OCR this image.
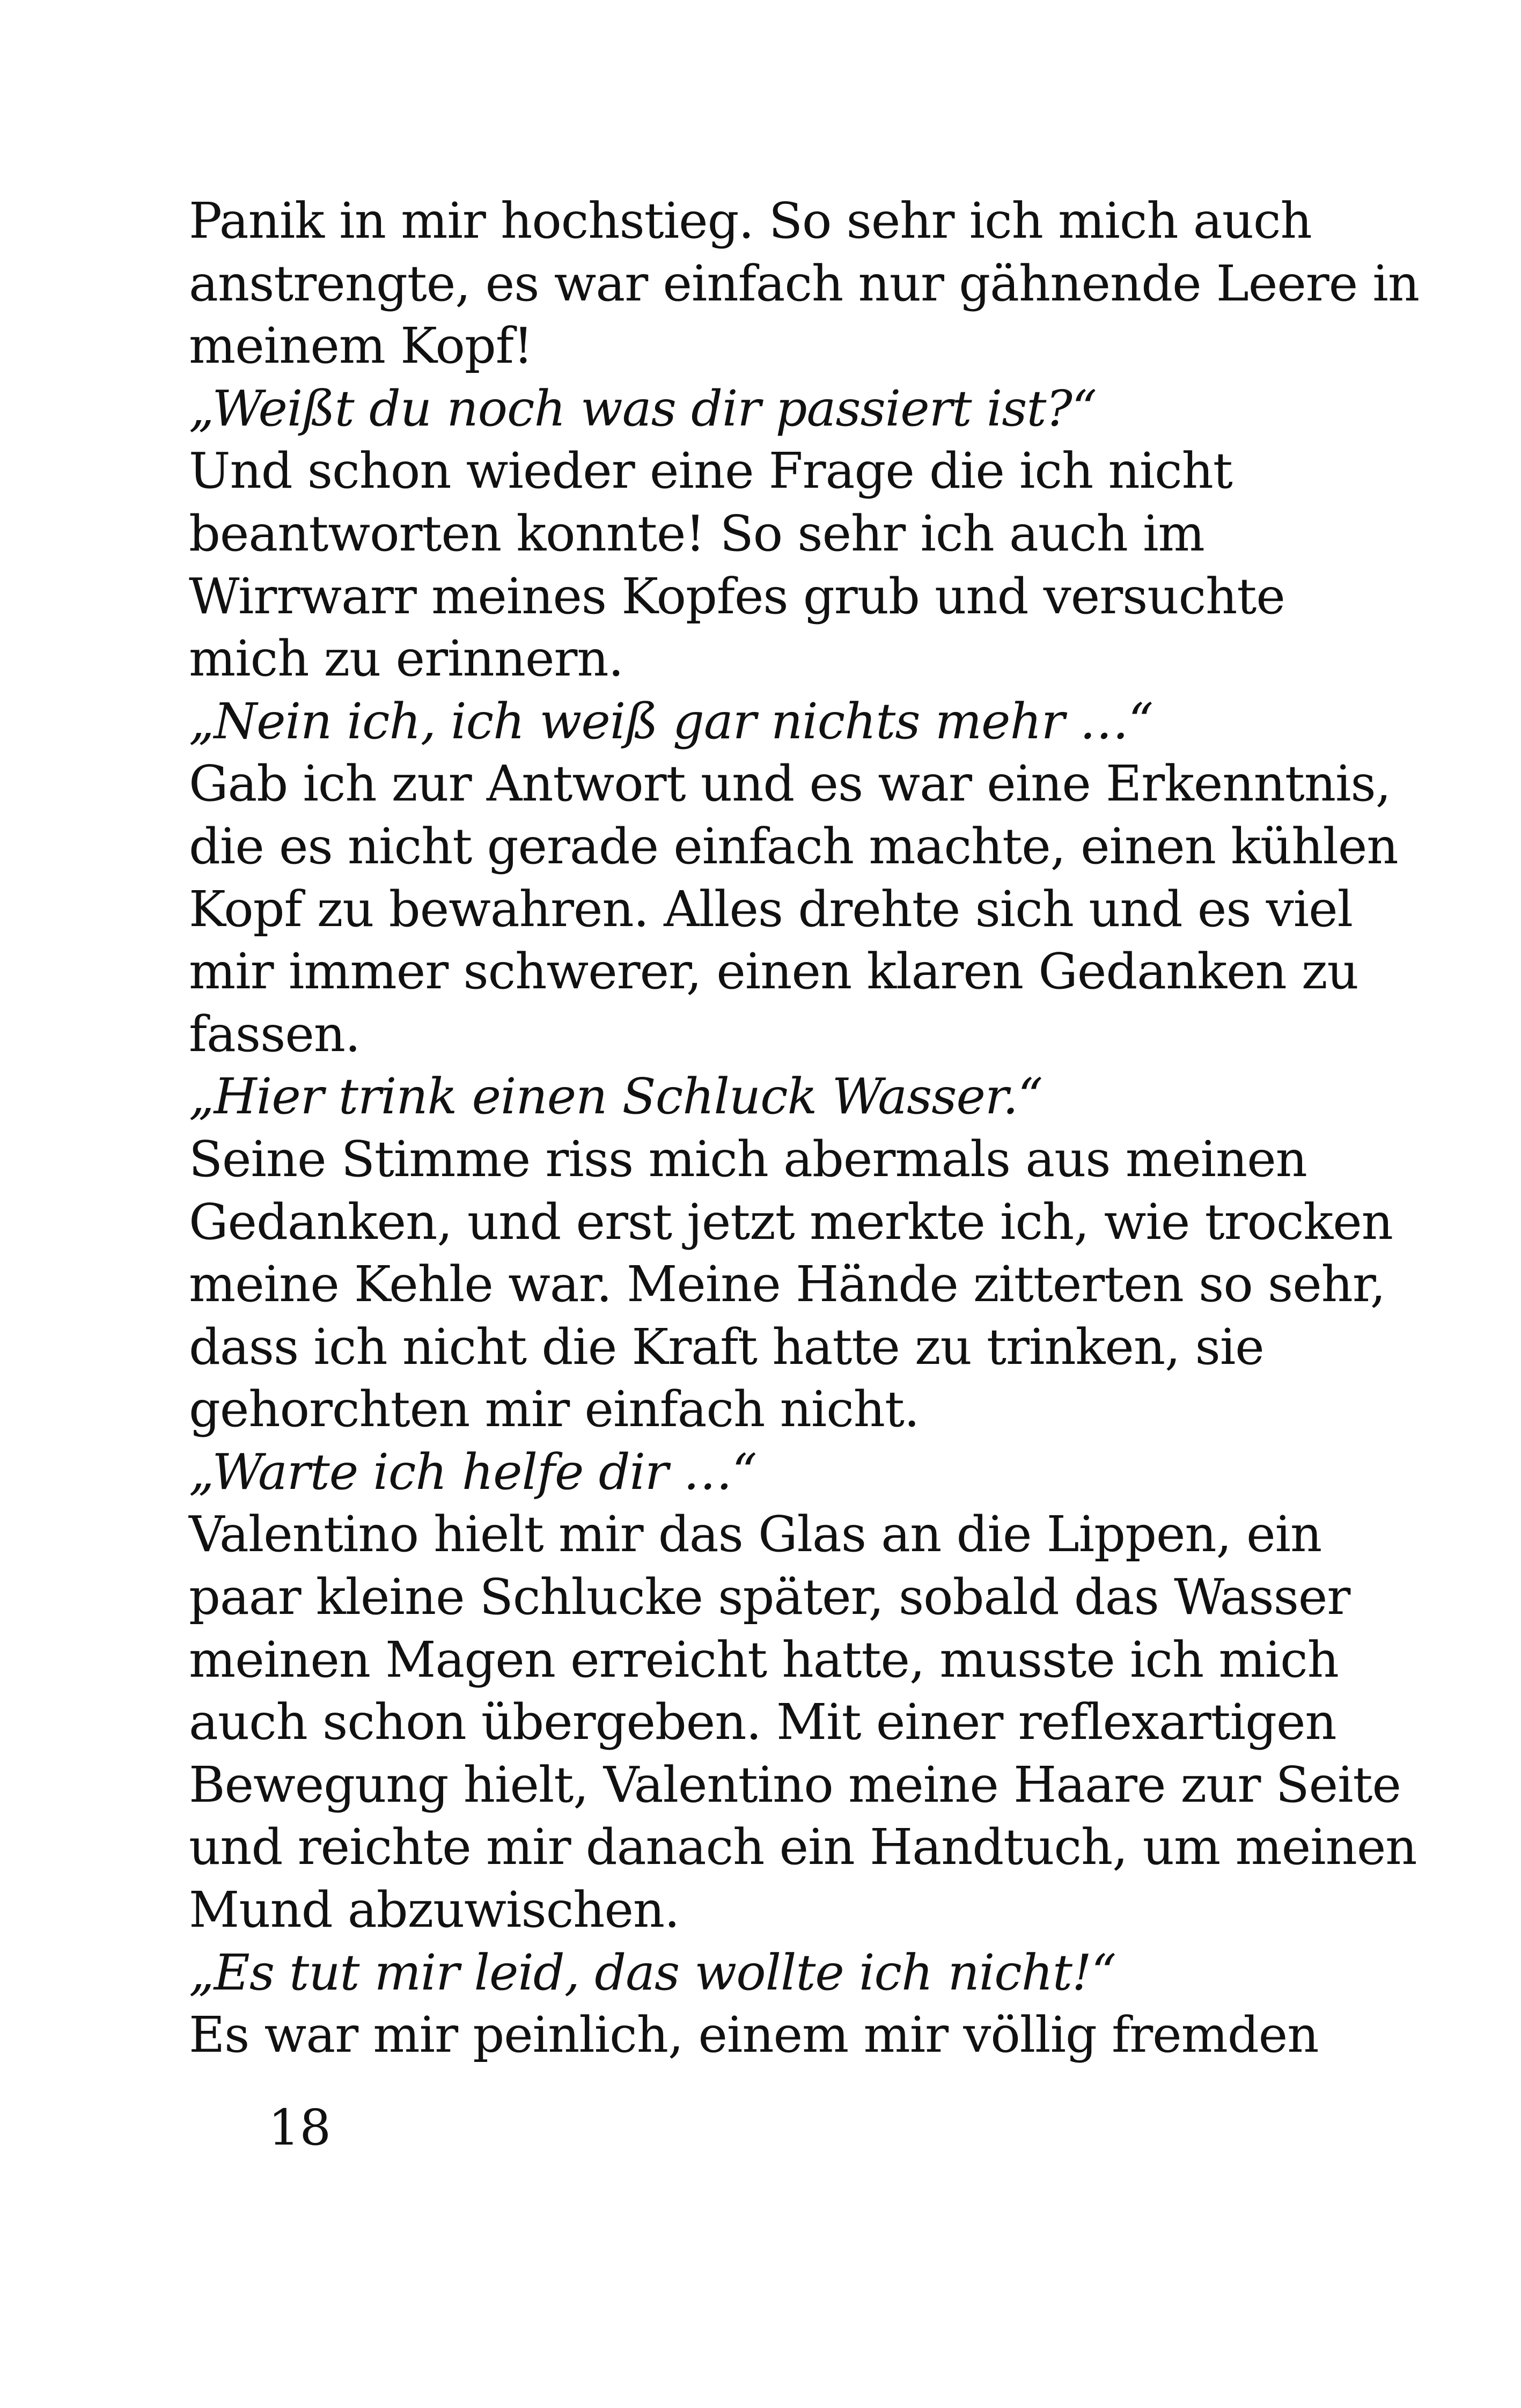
Panik in mir hochstieg. So sehr ich mich auch
anstrengte, es war einfach nur gähnende Leere in
meinem Kopf!
„Weißt du noch was dir passiert ist?“
Und schon wieder eine Frage die ich nicht
beantworten konnte! So sehr ich auch im
Wirrwarr meines Kopfes grub und versuchte
mich zu erinnern.
„Nein ich, ich weiß gar nichts mehr …“
Gab ich zur Antwort und es war eine Erkenntnis,
die es nicht gerade einfach machte, einen kühlen
Kopf zu bewahren. Alles drehte sich und es viel
mir immer schwerer, einen klaren Gedanken zu
fassen.
„Hier trink einen Schluck Wasser.“
Seine Stimme riss mich abermals aus meinen
Gedanken, und erst jetzt merkte ich, wie trocken
meine Kehle war. Meine Hände zitterten so sehr,
dass ich nicht die Kraft hatte zu trinken, sie
gehorchten mir einfach nicht.
„Warte ich helfe dir …“
Valentino hielt mir das Glas an die Lippen, ein
paar kleine Schlucke später, sobald das Wasser
meinen Magen erreicht hatte, musste ich mich
auch schon übergeben. Mit einer reflexartigen
Bewegung hielt, Valentino meine Haare zur Seite
und reichte mir danach ein Handtuch, um meinen
Mund abzuwischen.
„Es tut mir leid, das wollte ich nicht!“
Es war mir peinlich, einem mir völlig fremden
18
